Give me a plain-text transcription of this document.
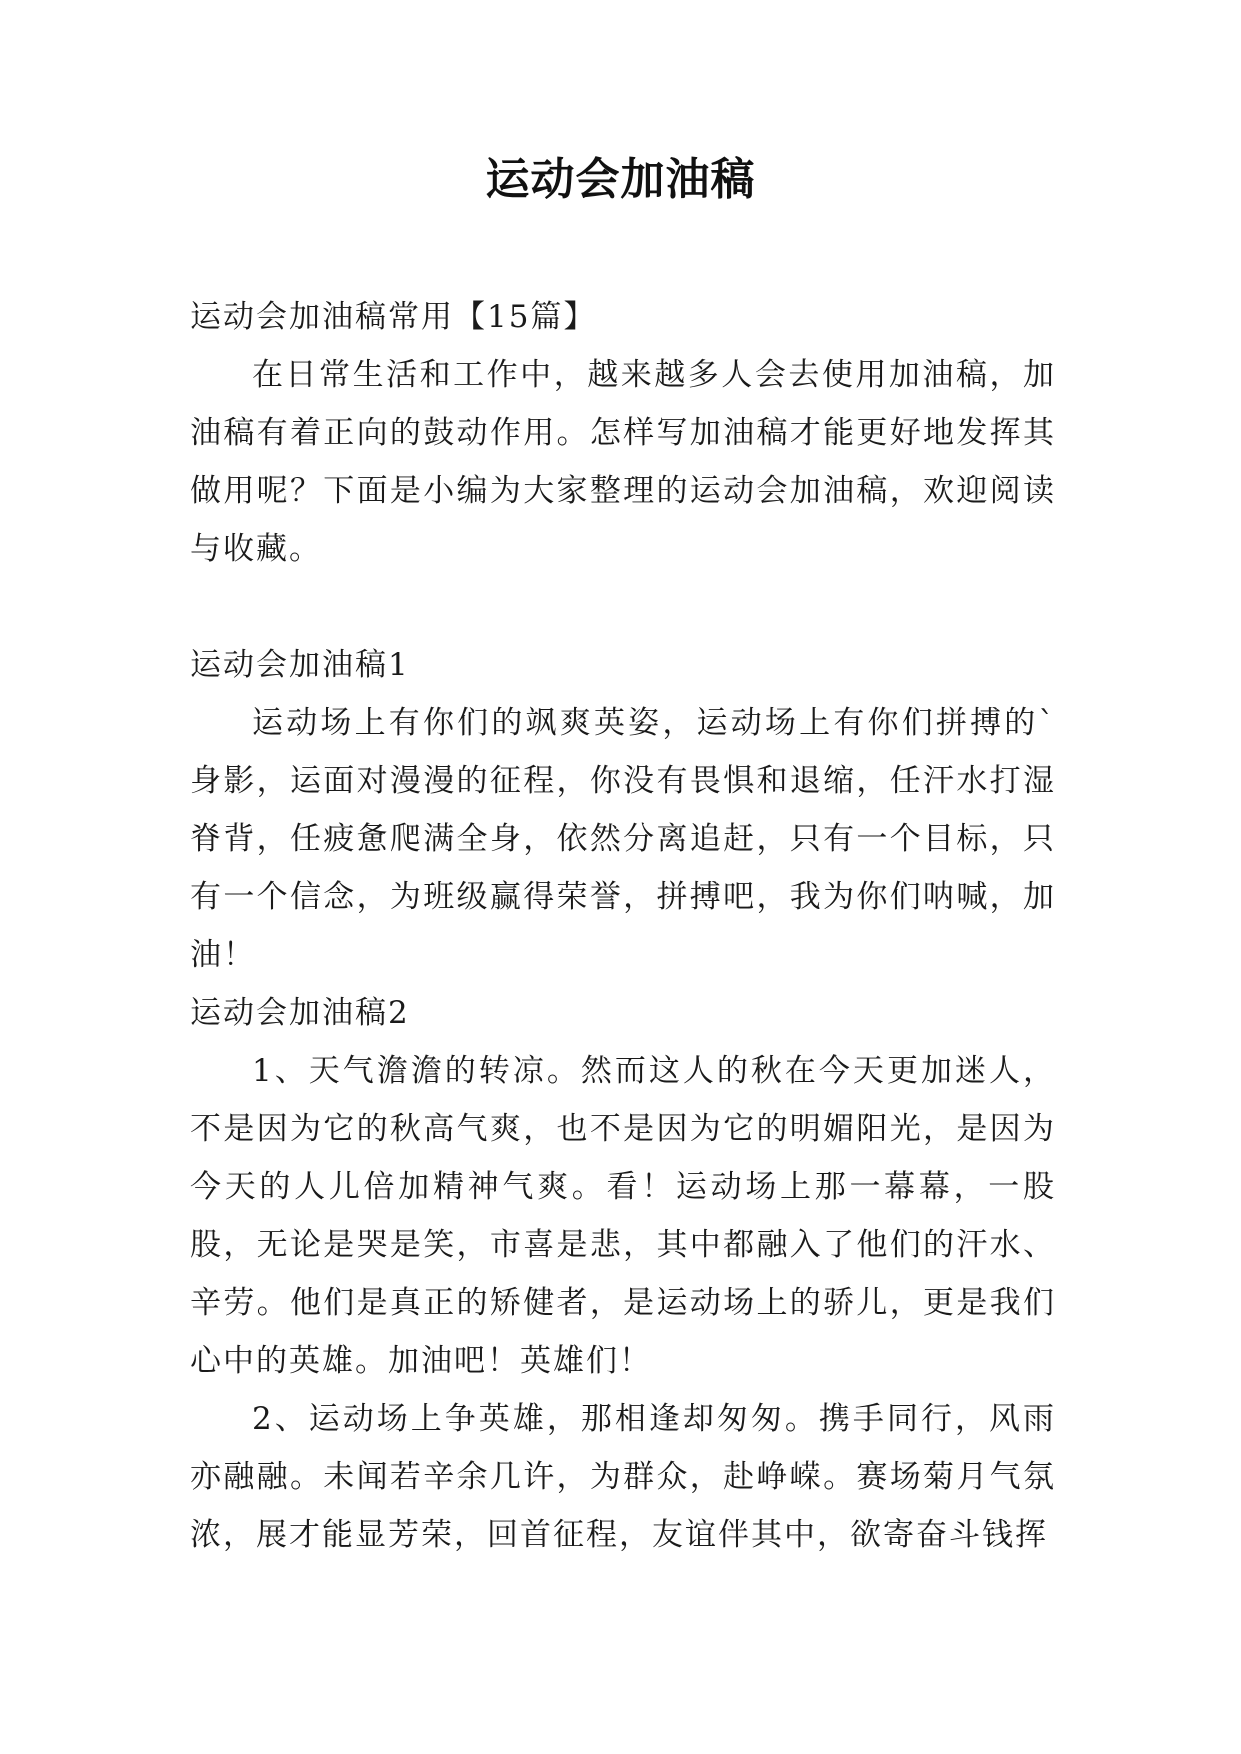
运动会加油稿

运动会加油稿常用【15篇】

在日常生活和工作中，越来越多人会去使用加油稿，加油稿有着正向的鼓动作用。怎样写加油稿才能更好地发挥其做用呢？下面是小编为大家整理的运动会加油稿，欢迎阅读与收藏。

运动会加油稿1

运动场上有你们的飒爽英姿，运动场上有你们拼搏的`身影，运面对漫漫的征程，你没有畏惧和退缩，任汗水打湿脊背，任疲惫爬满全身，依然分离追赶，只有一个目标，只有一个信念，为班级赢得荣誉，拼搏吧，我为你们呐喊，加油！

运动会加油稿2

1、天气澹澹的转凉。然而这人的秋在今天更加迷人，不是因为它的秋高气爽，也不是因为它的明媚阳光，是因为今天的人儿倍加精神气爽。看！运动场上那一幕幕，一股股，无论是哭是笑，市喜是悲，其中都融入了他们的汗水、辛劳。他们是真正的矫健者，是运动场上的骄儿，更是我们心中的英雄。加油吧！英雄们！

2、运动场上争英雄，那相逢却匆匆。携手同行，风雨亦融融。未闻若辛余几许，为群众，赴峥嵘。赛场菊月气氛浓，展才能显芳荣，回首征程，友谊伴其中，欲寄奋斗钱挥
